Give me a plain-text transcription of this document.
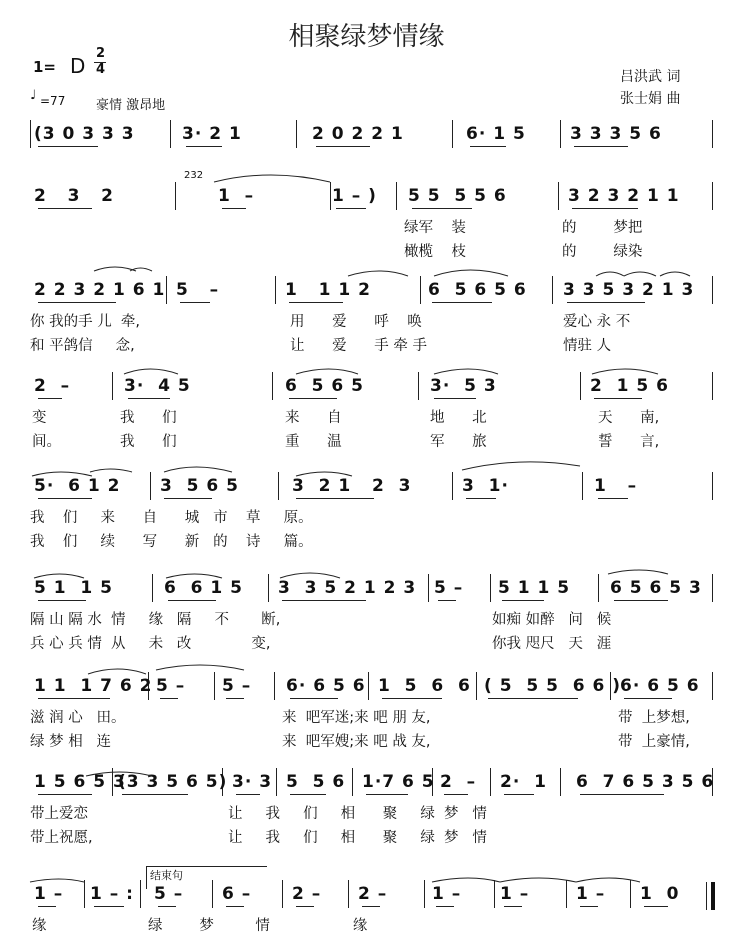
相聚绿梦情缘
1= D
2
4
♩ =77 豪情 激昂地
吕洪武 词
张士娟 曲
(3 0 3 3 3	3· 2 1	2 0 2 2 1	6· 1 5	3 3 3 5 6
2   3   2	1  –	1 – ) 5 5  5 5 6	3 2 3 2 1 1
232
绿军    装	的        梦把
橄榄    枝	的        绿染
2 2 3 2 1 6 1 5   –	1   1 1 2	6  5 6 5 6 3 3 5 3 2 1 3
你 我的手 儿  牵,	用      爱      呼    唤	爱心 永 不
和 平鸽信     念,	让      爱      手 牵 手	情驻 人
2  –	3·  4 5	6  5 6 5	3·  5 3	2  1 5 6
变	我      们	来      自	地      北	天      南,
间。	我      们	重      温	军      旅	誓      言,
5·  6 1 2 3  5 6 5	3  2 1   2  3	3  1·	1   –
我    们     来      自      城   市    草     原。
我    们     续      写      新   的    诗     篇。
5 1  1 5	6  6 1 5 3  3 5 2 1 2 3 5 – 5 1 1 5 6 5 6 5 3
隔 山 隔 水  情     缘   隔     不       断,	如痴 如醉   问   候
兵 心 兵 情  从     未   改             变,	你我 咫尺   天   涯
1 1  1 7 6 2 5 – 5 – 6· 6 5 6 1  5  6  6 ( 5  5 5  6 6 )
6· 6 5 6
滋 润 心   田。	来  吧军迷;来 吧 朋 友,	带  上梦想,
绿 梦 相   连	来  吧军嫂;来 吧 战 友,	带  上豪情,
1 5 6 5 3
(3 3 5 6 5) 3· 3 5  5 6 1·7 6 5 2  – 2·  1 6  7 6 5 3 5 6
带上爱恋	让     我     们     相      聚     绿  梦   情
带上祝愿,	让     我     们     相      聚     绿  梦   情
1 – 1 – : 5 – 6 – 2 – 2 –	1 – 1 –	1 – 1  0
缘	绿        梦         情                  缘
结束句
